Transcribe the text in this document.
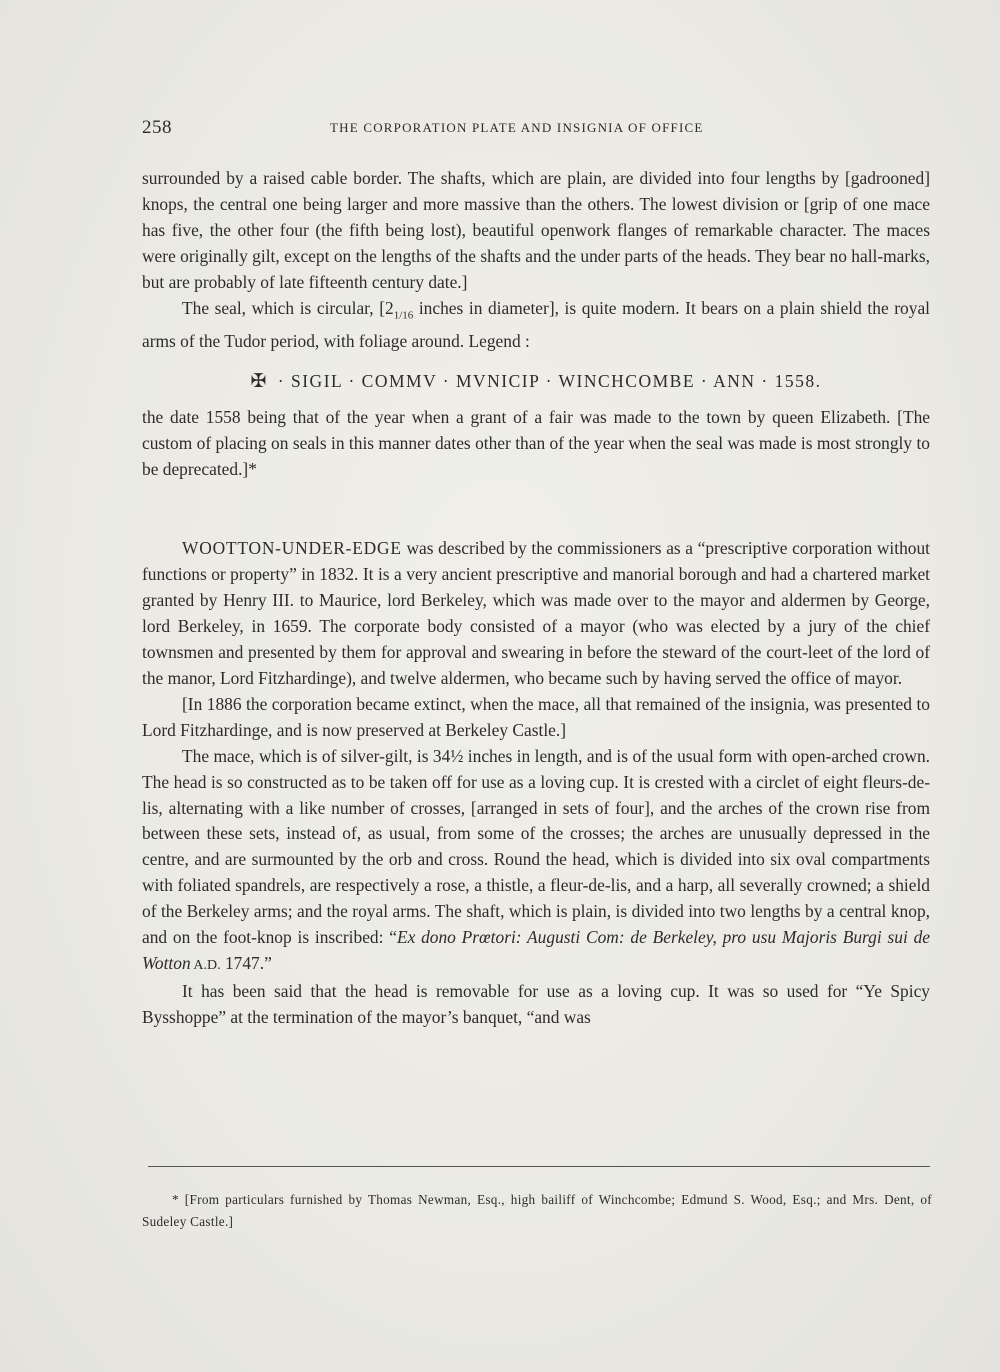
258	THE CORPORATION PLATE AND INSIGNIA OF OFFICE

surrounded by a raised cable border. The shafts, which are plain, are divided into four lengths by [gadrooned] knops, the central one being larger and more massive than the others. The lowest division or [grip of one mace has five, the other four (the fifth being lost), beautiful openwork flanges of remarkable character. The maces were originally gilt, except on the lengths of the shafts and the under parts of the heads. They bear no hall-marks, but are probably of late fifteenth century date.]

The seal, which is circular, [$2_{1/16}$ inches in diameter], is quite modern. It bears on a plain shield the royal arms of the Tudor period, with foliage around. Legend :

✠ · SIGIL · COMMV · MVNICIP · WINCHCOMBE · ANN · 1558.

the date 1558 being that of the year when a grant of a fair was made to the town by queen Elizabeth. [The custom of placing on seals in this manner dates other than of the year when the seal was made is most strongly to be deprecated.]*

WOOTTON-UNDER-EDGE was described by the commissioners as a “prescriptive corporation without functions or property” in 1832. It is a very ancient prescriptive and manorial borough and had a chartered market granted by Henry III. to Maurice, lord Berkeley, which was made over to the mayor and aldermen by George, lord Berkeley, in 1659. The corporate body consisted of a mayor (who was elected by a jury of the chief townsmen and presented by them for approval and swearing in before the steward of the court-leet of the lord of the manor, Lord Fitzhardinge), and twelve aldermen, who became such by having served the office of mayor.

[In 1886 the corporation became extinct, when the mace, all that remained of the insignia, was presented to Lord Fitzhardinge, and is now preserved at Berkeley Castle.]

The mace, which is of silver-gilt, is 34½ inches in length, and is of the usual form with open-arched crown. The head is so constructed as to be taken off for use as a loving cup. It is crested with a circlet of eight fleurs-de-lis, alternating with a like number of crosses, [arranged in sets of four], and the arches of the crown rise from between these sets, instead of, as usual, from some of the crosses; the arches are unusually depressed in the centre, and are surmounted by the orb and cross. Round the head, which is divided into six oval compartments with foliated spandrels, are respectively a rose, a thistle, a fleur-de-lis, and a harp, all severally crowned; a shield of the Berkeley arms; and the royal arms. The shaft, which is plain, is divided into two lengths by a central knop, and on the foot-knop is inscribed: “Ex dono Prœtori: Augusti Com: de Berkeley, pro usu Majoris Burgi sui de Wotton A.D. 1747.”

It has been said that the head is removable for use as a loving cup. It was so used for “Ye Spicy Bysshoppe” at the termination of the mayor’s banquet, “and was

* [From particulars furnished by Thomas Newman, Esq., high bailiff of Winchcombe; Edmund S. Wood, Esq.; and Mrs. Dent, of Sudeley Castle.]
